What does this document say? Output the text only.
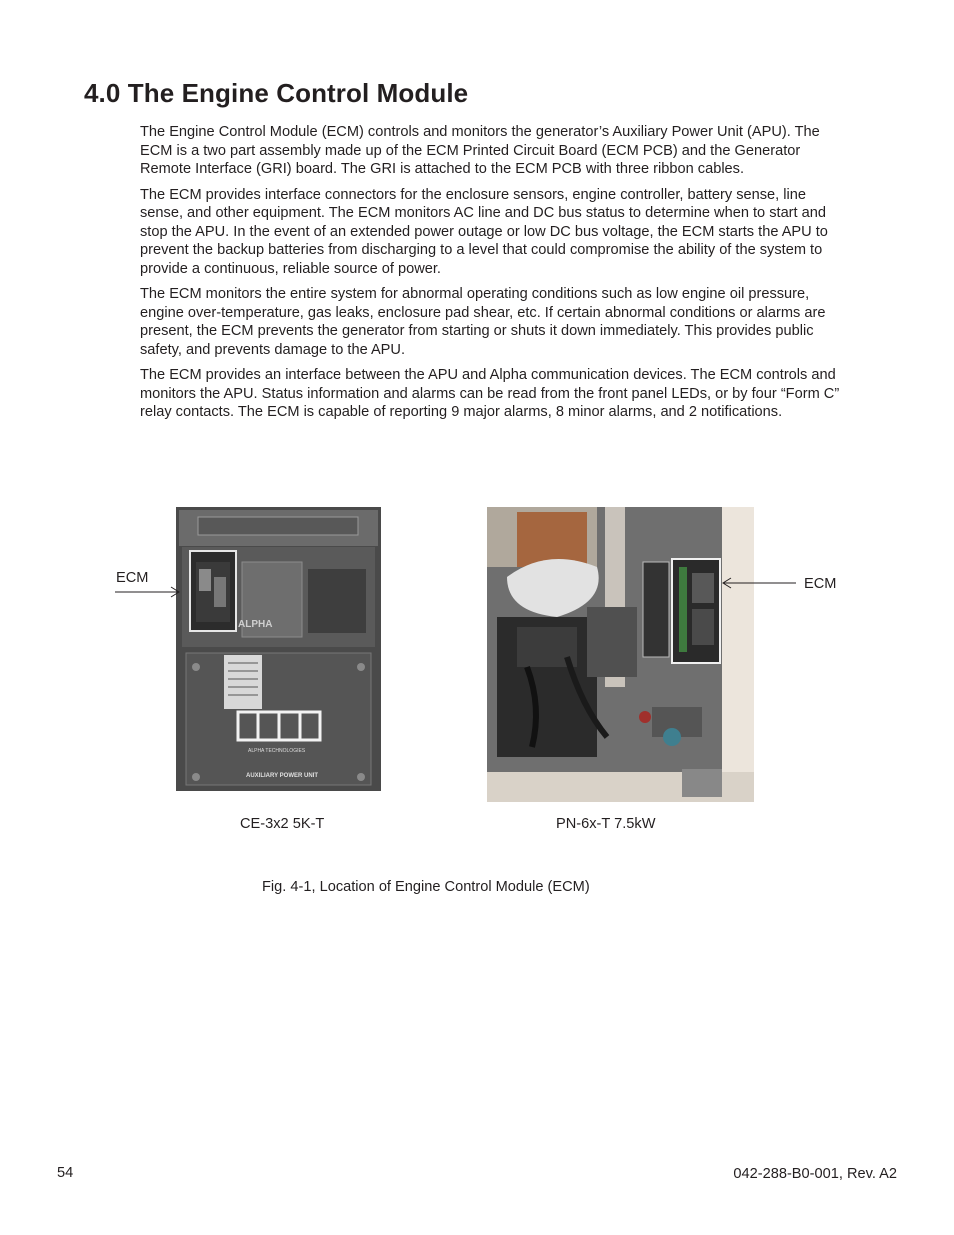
4.0 The Engine Control Module

The Engine Control Module (ECM) controls and monitors the generator’s Auxiliary Power Unit (APU). The ECM is a two part assembly made up of the ECM Printed Circuit Board (ECM PCB) and the Generator Remote Interface (GRI) board. The GRI is attached to the ECM PCB with three ribbon cables.

The ECM provides interface connectors for the enclosure sensors, engine controller, battery sense, line sense, and other equipment. The ECM monitors AC line and DC bus status to determine when to start and stop the APU. In the event of an extended power outage or low DC bus voltage, the ECM starts the APU to prevent the backup batteries from discharging to a level that could compromise the ability of the system to provide a continuous, reliable source of power.

The ECM monitors the entire system for abnormal operating conditions such as low engine oil pressure, engine over-temperature, gas leaks, enclosure pad shear, etc. If certain abnormal conditions or alarms are present, the ECM prevents the generator from starting or shuts it down immediately. This provides public safety, and prevents damage to the APU.

The ECM provides an interface between the APU and Alpha communication devices. The ECM controls and monitors the APU. Status information and alarms can be read from the front panel LEDs, or by four “Form C” relay contacts. The ECM is capable of reporting 9 major alarms, 8 minor alarms, and 2 notifications.

ALPHA
ALPHA TECHNOLOGIES
AUXILIARY POWER UNIT
ECM	ECM
CE-3x2 5K-T	PN-6x-T 7.5kW
Fig. 4-1, Location of Engine Control Module (ECM)
54	042-288-B0-001, Rev. A2
